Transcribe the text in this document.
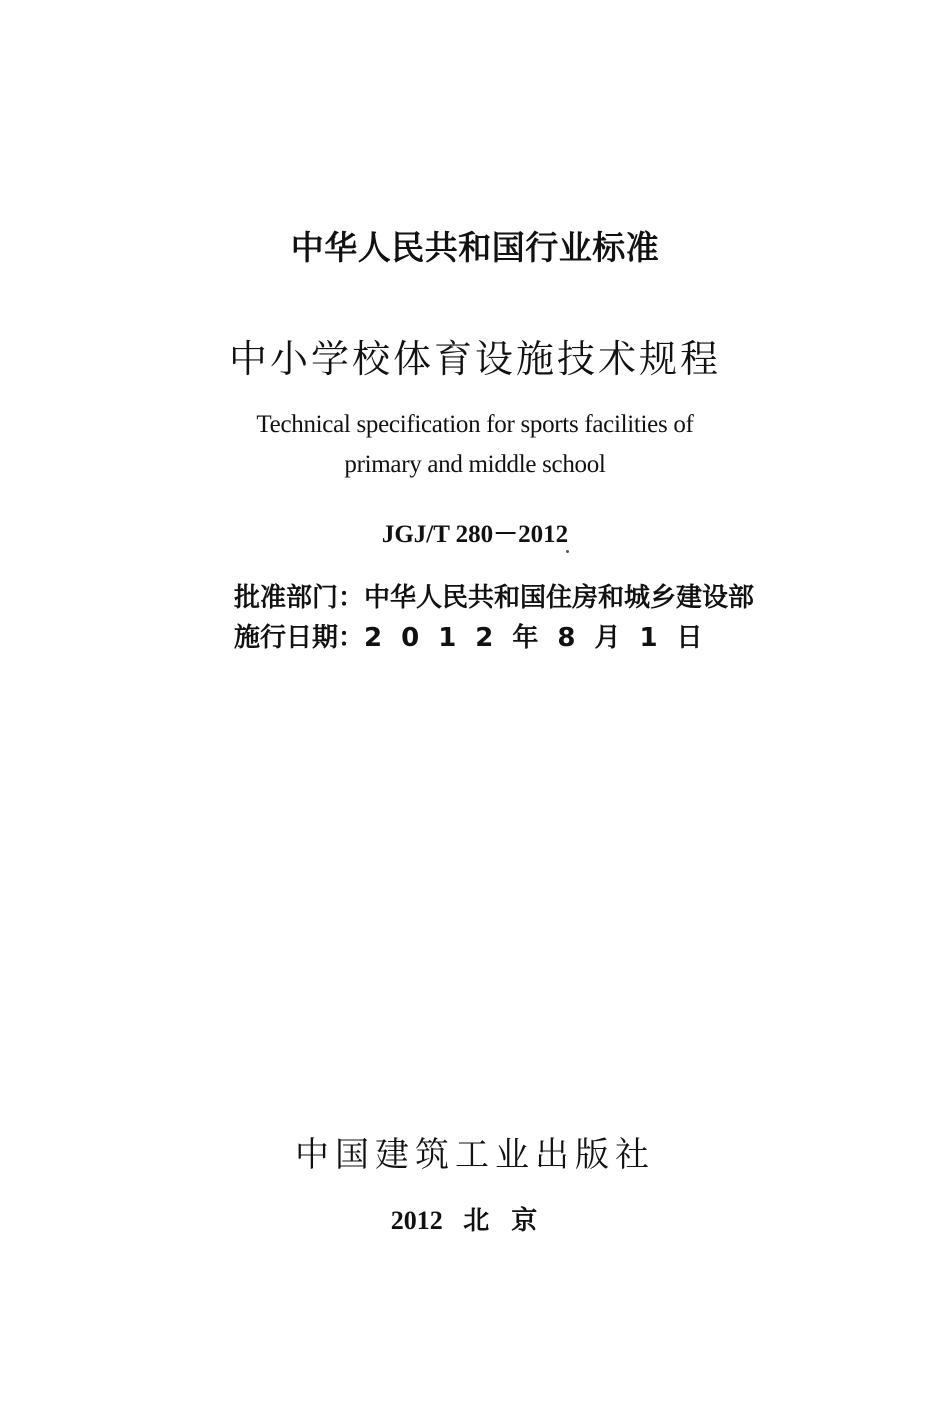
中华人民共和国行业标准
中小学校体育设施技术规程
Technical specification for sports facilities of
primary and middle school
JGJ/T 280－2012
批准部门：中华人民共和国住房和城乡建设部
施行日期：2012年8月1日
中国建筑工业出版社
2012 北京
